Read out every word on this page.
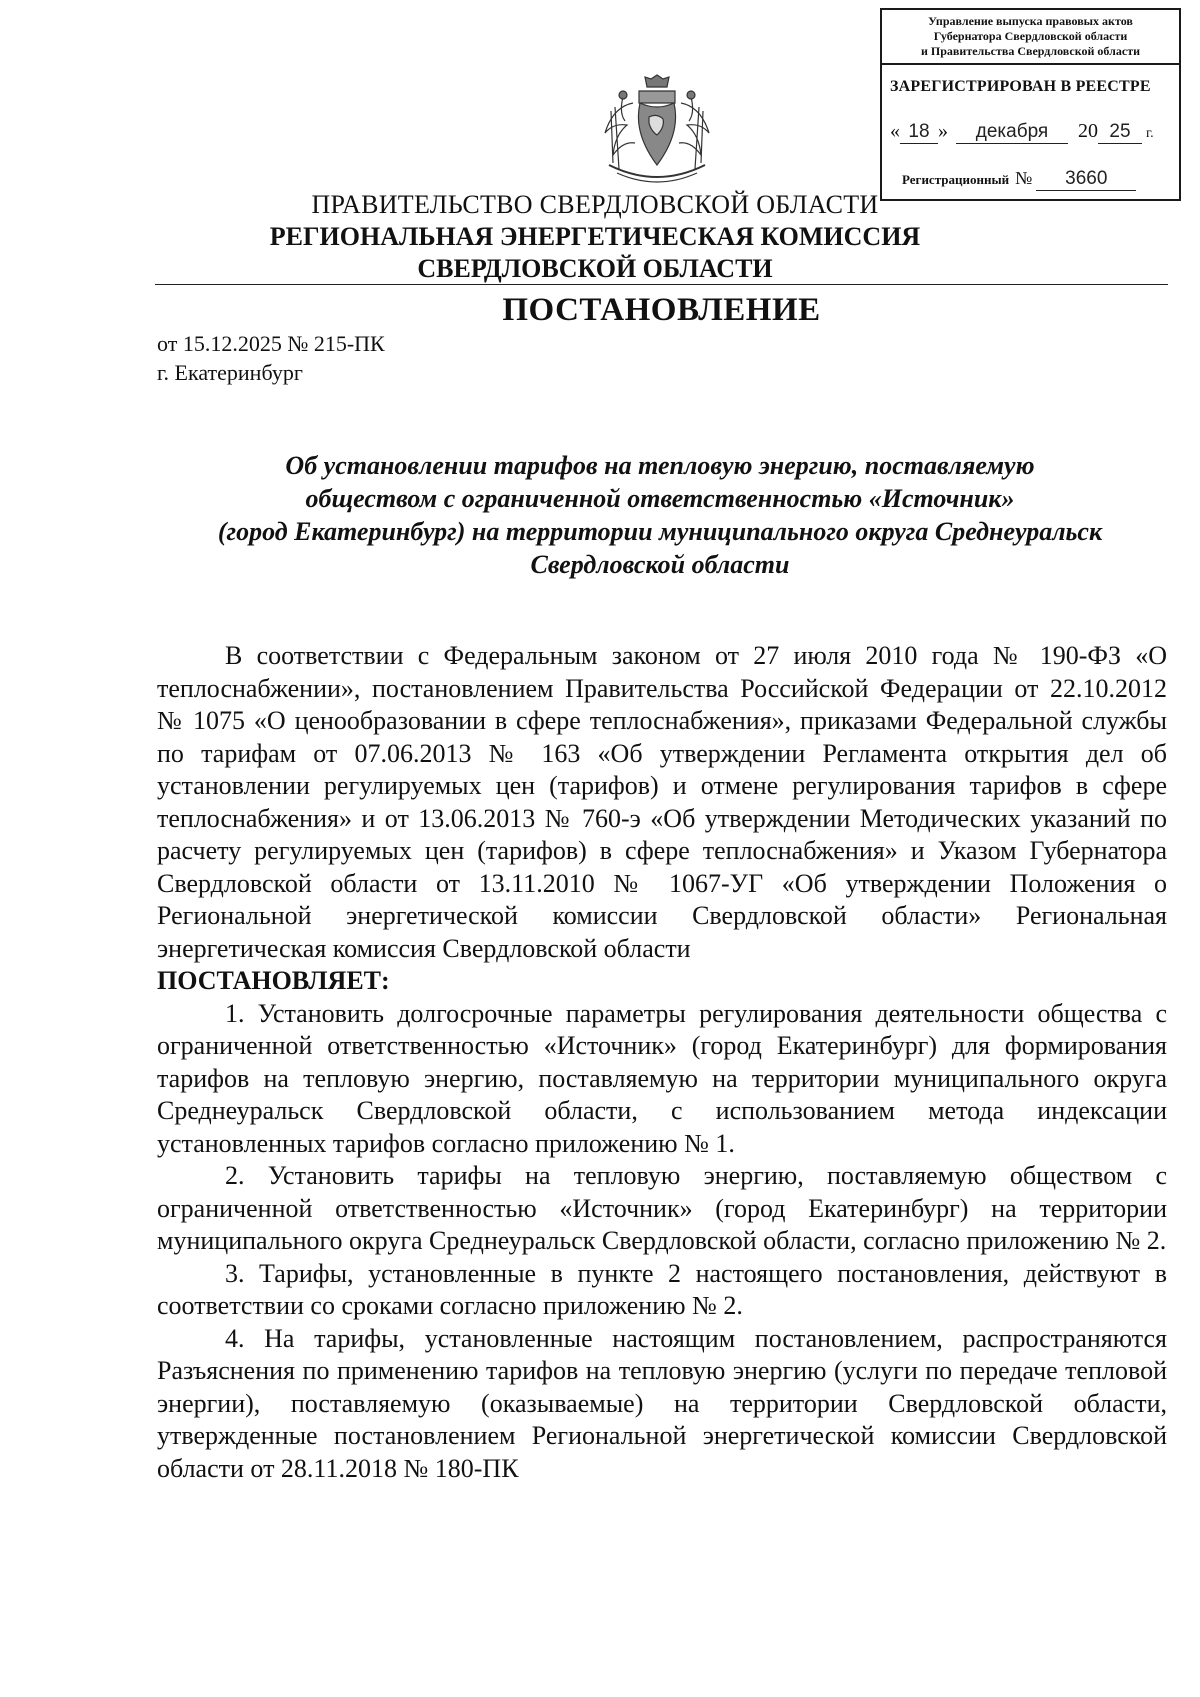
Управление выпуска правовых актов
Губернатора Свердловской области
и Правительства Свердловской области
ЗАРЕГИСТРИРОВАН В РЕЕСТРЕ
« 18 » декабря 20 25 г.
Регистрационный № 3660
ПРАВИТЕЛЬСТВО СВЕРДЛОВСКОЙ ОБЛАСТИ
РЕГИОНАЛЬНАЯ ЭНЕРГЕТИЧЕСКАЯ КОМИССИЯ
СВЕРДЛОВСКОЙ ОБЛАСТИ
ПОСТАНОВЛЕНИЕ
от 15.12.2025 № 215-ПК
г. Екатеринбург
Об установлении тарифов на тепловую энергию, поставляемую
обществом с ограниченной ответственностью «Источник»
(город Екатеринбург) на территории муниципального округа Среднеуральск
Свердловской области

В соответствии с Федеральным законом от 27 июля 2010 года № 190-ФЗ «О теплоснабжении», постановлением Правительства Российской Федерации от 22.10.2012 № 1075 «О ценообразовании в сфере теплоснабжения», приказами Федеральной службы по тарифам от 07.06.2013 № 163 «Об утверждении Регламента открытия дел об установлении регулируемых цен (тарифов) и отмене регулирования тарифов в сфере теплоснабжения» и от 13.06.2013 № 760-э «Об утверждении Методических указаний по расчету регулируемых цен (тарифов) в сфере теплоснабжения» и Указом Губернатора Свердловской области от 13.11.2010 № 1067-УГ «Об утверждении Положения о Региональной энергетической комиссии Свердловской области» Региональная энергетическая комиссия Свердловской области

ПОСТАНОВЛЯЕТ:

1. Установить долгосрочные параметры регулирования деятельности общества с ограниченной ответственностью «Источник» (город Екатеринбург) для формирования тарифов на тепловую энергию, поставляемую на территории муниципального округа Среднеуральск Свердловской области, с использованием метода индексации установленных тарифов согласно приложению № 1.

2. Установить тарифы на тепловую энергию, поставляемую обществом с ограниченной ответственностью «Источник» (город Екатеринбург) на территории муниципального округа Среднеуральск Свердловской области, согласно приложению № 2.

3. Тарифы, установленные в пункте 2 настоящего постановления, действуют в соответствии со сроками согласно приложению № 2.

4. На тарифы, установленные настоящим постановлением, распространяются Разъяснения по применению тарифов на тепловую энергию (услуги по передаче тепловой энергии), поставляемую (оказываемые) на территории Свердловской области, утвержденные постановлением Региональной энергетической комиссии Свердловской области от 28.11.2018 № 180-ПК
